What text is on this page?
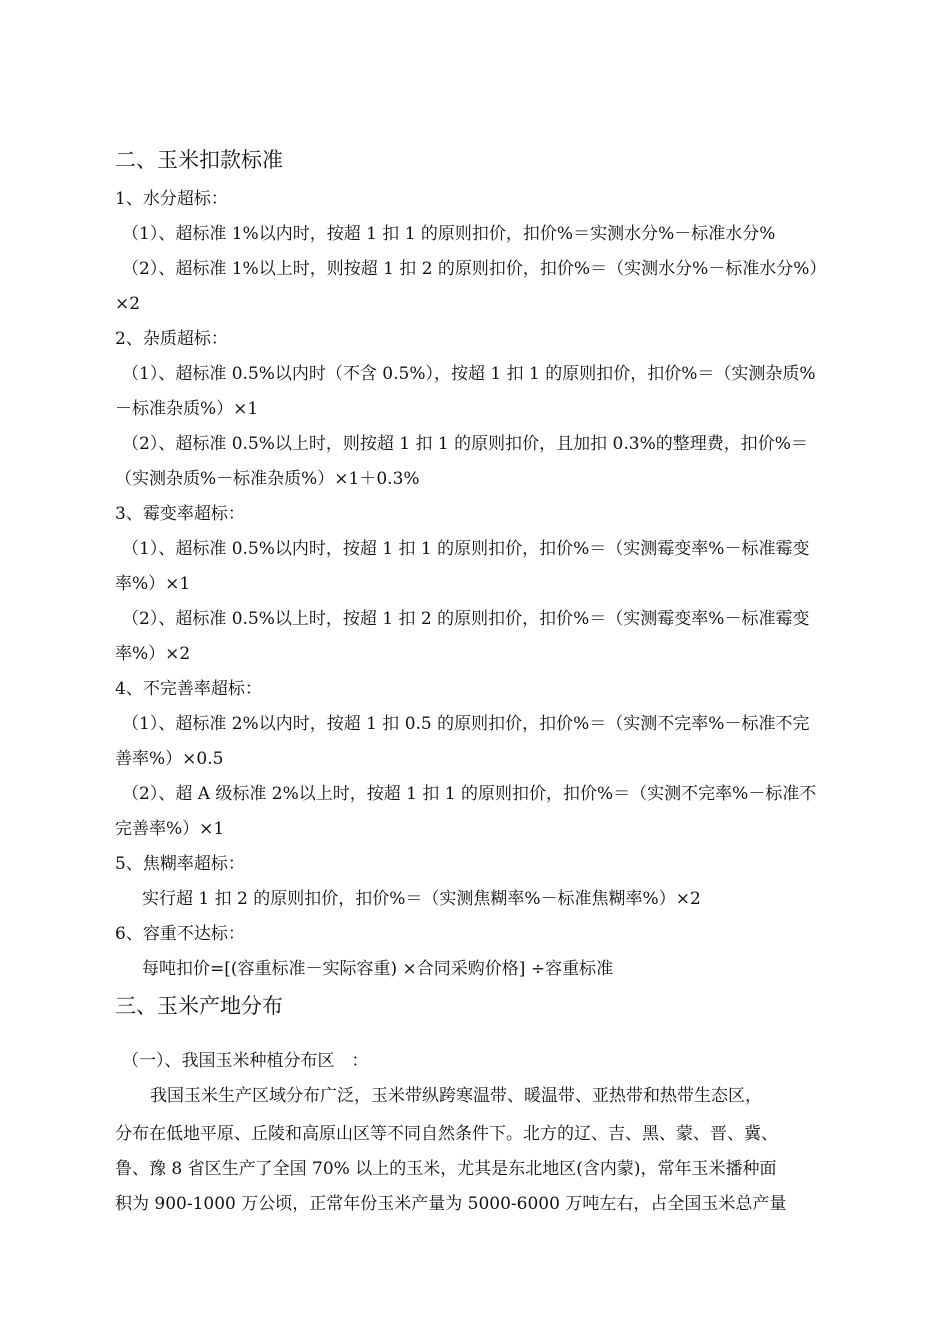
二、玉米扣款标准
1、水分超标：
（1）、超标准 1%以内时，按超 1 扣 1 的原则扣价，扣价%＝实测水分%－标准水分%
（2）、超标准 1%以上时，则按超 1 扣 2 的原则扣价，扣价%＝（实测水分%－标准水分%）
×2
2、杂质超标：
（1）、超标准 0.5%以内时（不含 0.5%），按超 1 扣 1 的原则扣价，扣价%＝（实测杂质%
－标准杂质%）×1
（2）、超标准 0.5%以上时，则按超 1 扣 1 的原则扣价，且加扣 0.3%的整理费，扣价%＝
（实测杂质%－标准杂质%）×1＋0.3%
3、霉变率超标：
（1）、超标准 0.5%以内时，按超 1 扣 1 的原则扣价，扣价%＝（实测霉变率%－标准霉变
率%）×1
（2）、超标准 0.5%以上时，按超 1 扣 2 的原则扣价，扣价%＝（实测霉变率%－标准霉变
率%）×2
4、不完善率超标：
（1）、超标准 2%以内时，按超 1 扣 0.5 的原则扣价，扣价%＝（实测不完率%－标准不完
善率%）×0.5
（2）、超 A 级标准 2%以上时，按超 1 扣 1 的原则扣价，扣价%＝（实测不完率%－标准不
完善率%）×1
5、焦糊率超标：
实行超 1 扣 2 的原则扣价，扣价%＝（实测焦糊率%－标准焦糊率%）×2
6、容重不达标：
每吨扣价=[(容重标准－实际容重) ×合同采购价格] ÷容重标准
三、玉米产地分布
（一）、我国玉米种植分布区　：
我国玉米生产区域分布广泛，玉米带纵跨寒温带、暖温带、亚热带和热带生态区，
分布在低地平原、丘陵和高原山区等不同自然条件下。北方的辽、吉、黑、蒙、晋、冀、
鲁、豫 8 省区生产了全国 70% 以上的玉米，尤其是东北地区(含内蒙)，常年玉米播种面
积为 900-1000 万公顷，正常年份玉米产量为 5000-6000 万吨左右，占全国玉米总产量
